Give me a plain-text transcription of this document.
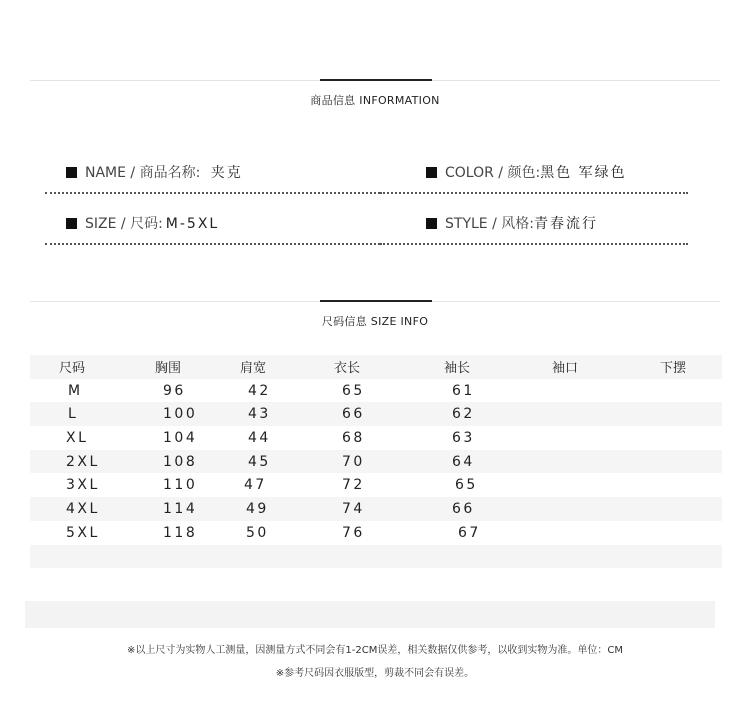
商品信息 INFORMATION
NAME / 商品名称: 夹克	COLOR / 颜色:黑色 军绿色
SIZE / 尺码: M-5XL	STYLE / 风格:青春流行
尺码信息 SIZE INFO
尺码	胸围	肩宽	衣长	袖长	袖口	下摆
M	96	42	65	61
L	100	43	66	62
XL	104	44	68	63
2XL	108	45	70	64
3XL	110	47	72	65
4XL	114	49	74	66
5XL	118	50	76	67
※以上尺寸为实物人工测量，因测量方式不同会有1-2CM误差，相关数据仅供参考，以收到实物为准。单位：CM
※参考尺码因衣服版型，剪裁不同会有误差。
